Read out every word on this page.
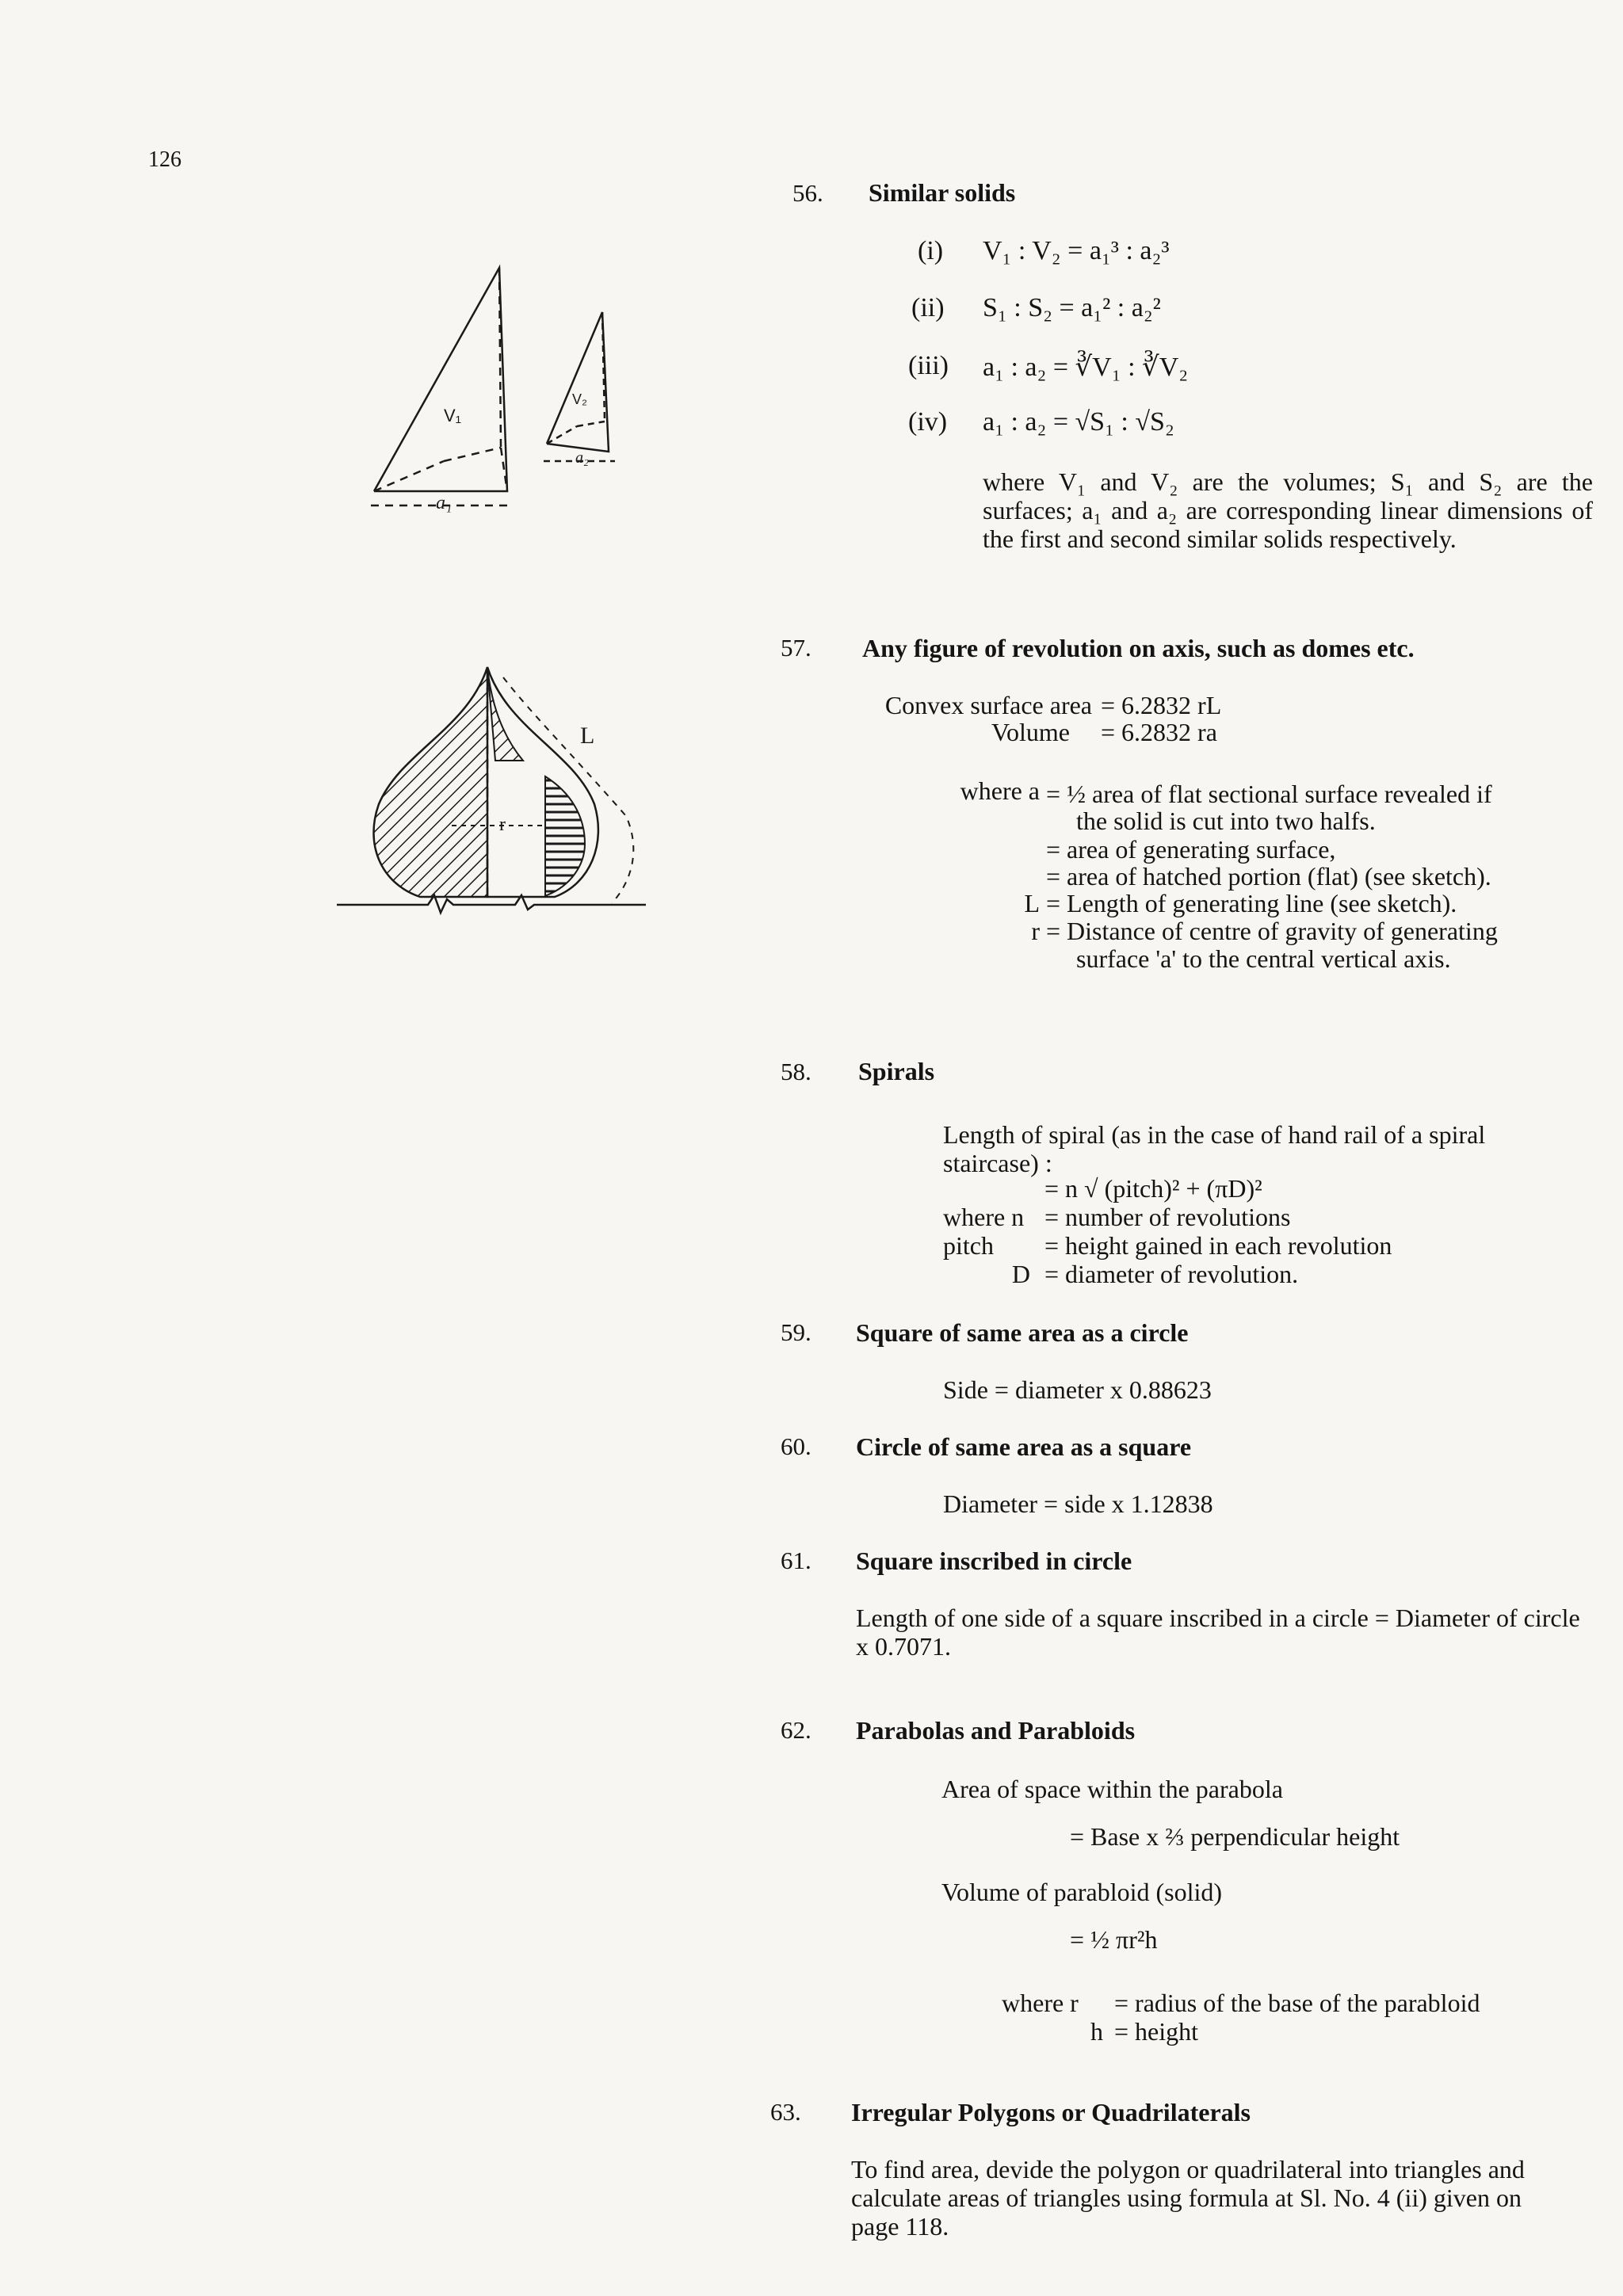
126
56. Similar solids
(i) V₁ : V₂ = a₁³ : a₂³
(ii) S₁ : S₂ = a₁² : a₂²
(iii) a₁ : a₂ = ∛V₁ : ∛V₂
(iv) a₁ : a₂ = √S₁ : √S₂
where V₁ and V₂ are the volumes; S₁ and S₂ are the surfaces; a₁ and a₂ are corresponding linear dimensions of the first and second similar solids respectively.
V₁
V₂
a₁
a₂
57. Any figure of revolution on axis, such as domes etc.
Convex surface area = 6.2832 rL
Volume = 6.2832 ra
where a = ½ area of flat sectional surface revealed if
the solid is cut into two halfs.
= area of generating surface,
= area of hatched portion (flat) (see sketch).
L = Length of generating line (see sketch).
r = Distance of centre of gravity of generating
surface 'a' to the central vertical axis.
L
r
58. Spirals
Length of spiral (as in the case of hand rail of a spiral staircase) :
= n √ (pitch)² + (πD)²
where n = number of revolutions
pitch = height gained in each revolution
D = diameter of revolution.
59. Square of same area as a circle
Side = diameter x 0.88623
60. Circle of same area as a square
Diameter = side x 1.12838
61. Square inscribed in circle
Length of one side of a square inscribed in a circle = Diameter of circle x 0.7071.
62. Parabolas and Parabloids
Area of space within the parabola
= Base x ⅔ perpendicular height
Volume of parabloid (solid)
= ½ πr²h
where r = radius of the base of the parabloid
h = height
63. Irregular Polygons or Quadrilaterals
To find area, devide the polygon or quadrilateral into triangles and calculate areas of triangles using formula at Sl. No. 4 (ii) given on page 118.
